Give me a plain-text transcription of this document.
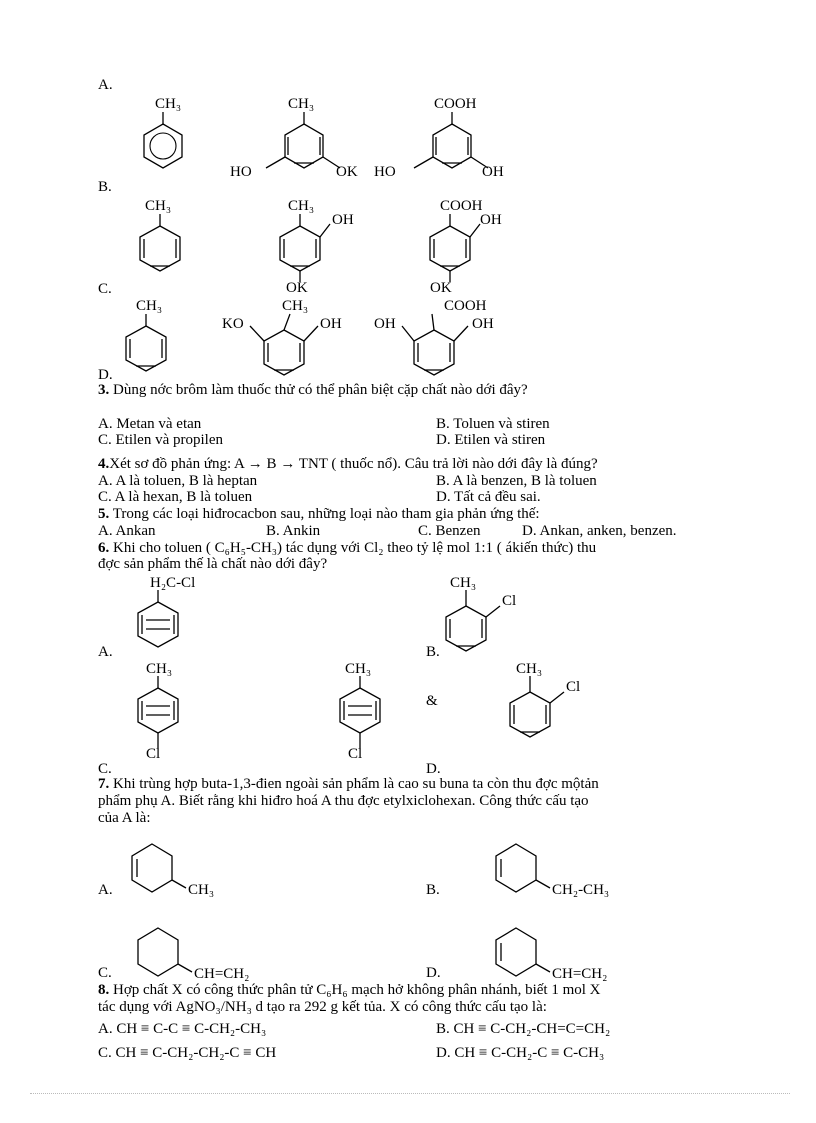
A.
CH₃	CH₃
HO	OK
COOH
HO	OH
B.
CH₃	CH₃
OH
OK
COOH
OH
OK
C.
CH₃	CH₃
KO	OH
COOH
OH	OH
D.
3. Dùng nớc brôm làm thuốc thử có thể phân biệt cặp chất nào dới đây?
A. Metan và etan	B. Toluen và stiren
C. Etilen và propilen	D. Etilen và stiren
4.Xét sơ đồ phản ứng: A → B → TNT ( thuốc nổ). Câu trả lời nào dới đây là đúng?
A. A là toluen, B là heptan	B. A là benzen, B là toluen
C. A là hexan, B là toluen	D. Tất cả đều sai.
5. Trong các loại hiđrocacbon sau, những loại nào tham gia phản ứng thế:
A. Ankan	B. Ankin	C. Benzen	D. Ankan, anken, benzen.
6. Khi cho toluen ( C₆H₅-CH₃) tác dụng với Cl₂ theo tỷ lệ mol 1:1 ( ákiến thức) thu
đợc sản phẩm thế là chất nào dới đây?
H₂C-Cl
A.
CH₃
Cl
B.
CH₃
Cl
CH₃
Cl
&
CH₃
Cl
C.	D.
7. Khi trùng hợp buta-1,3-đien ngoài sản phẩm là cao su buna ta còn thu đợc mộtản
phẩm phụ A. Biết rằng khi hiđro hoá A thu đợc etylxiclohexan. Công thức cấu tạo
của A là:
CH₃
A.	CH₂-CH₃
B.
CH=CH₂
C.	CH=CH₂
D.
8. Hợp chất X có công thức phân tử C₆H₆ mạch hở không phân nhánh, biết 1 mol X
tác dụng với AgNO₃/NH₃ d tạo ra 292 g kết tủa. X có công thức cấu tạo là:
A. CH ≡ C-C ≡ C-CH₂-CH₃	B. CH ≡ C-CH₂-CH=C=CH₂
C. CH ≡ C-CH₂-CH₂-C ≡ CH	D. CH ≡ C-CH₂-C ≡ C-CH₃
